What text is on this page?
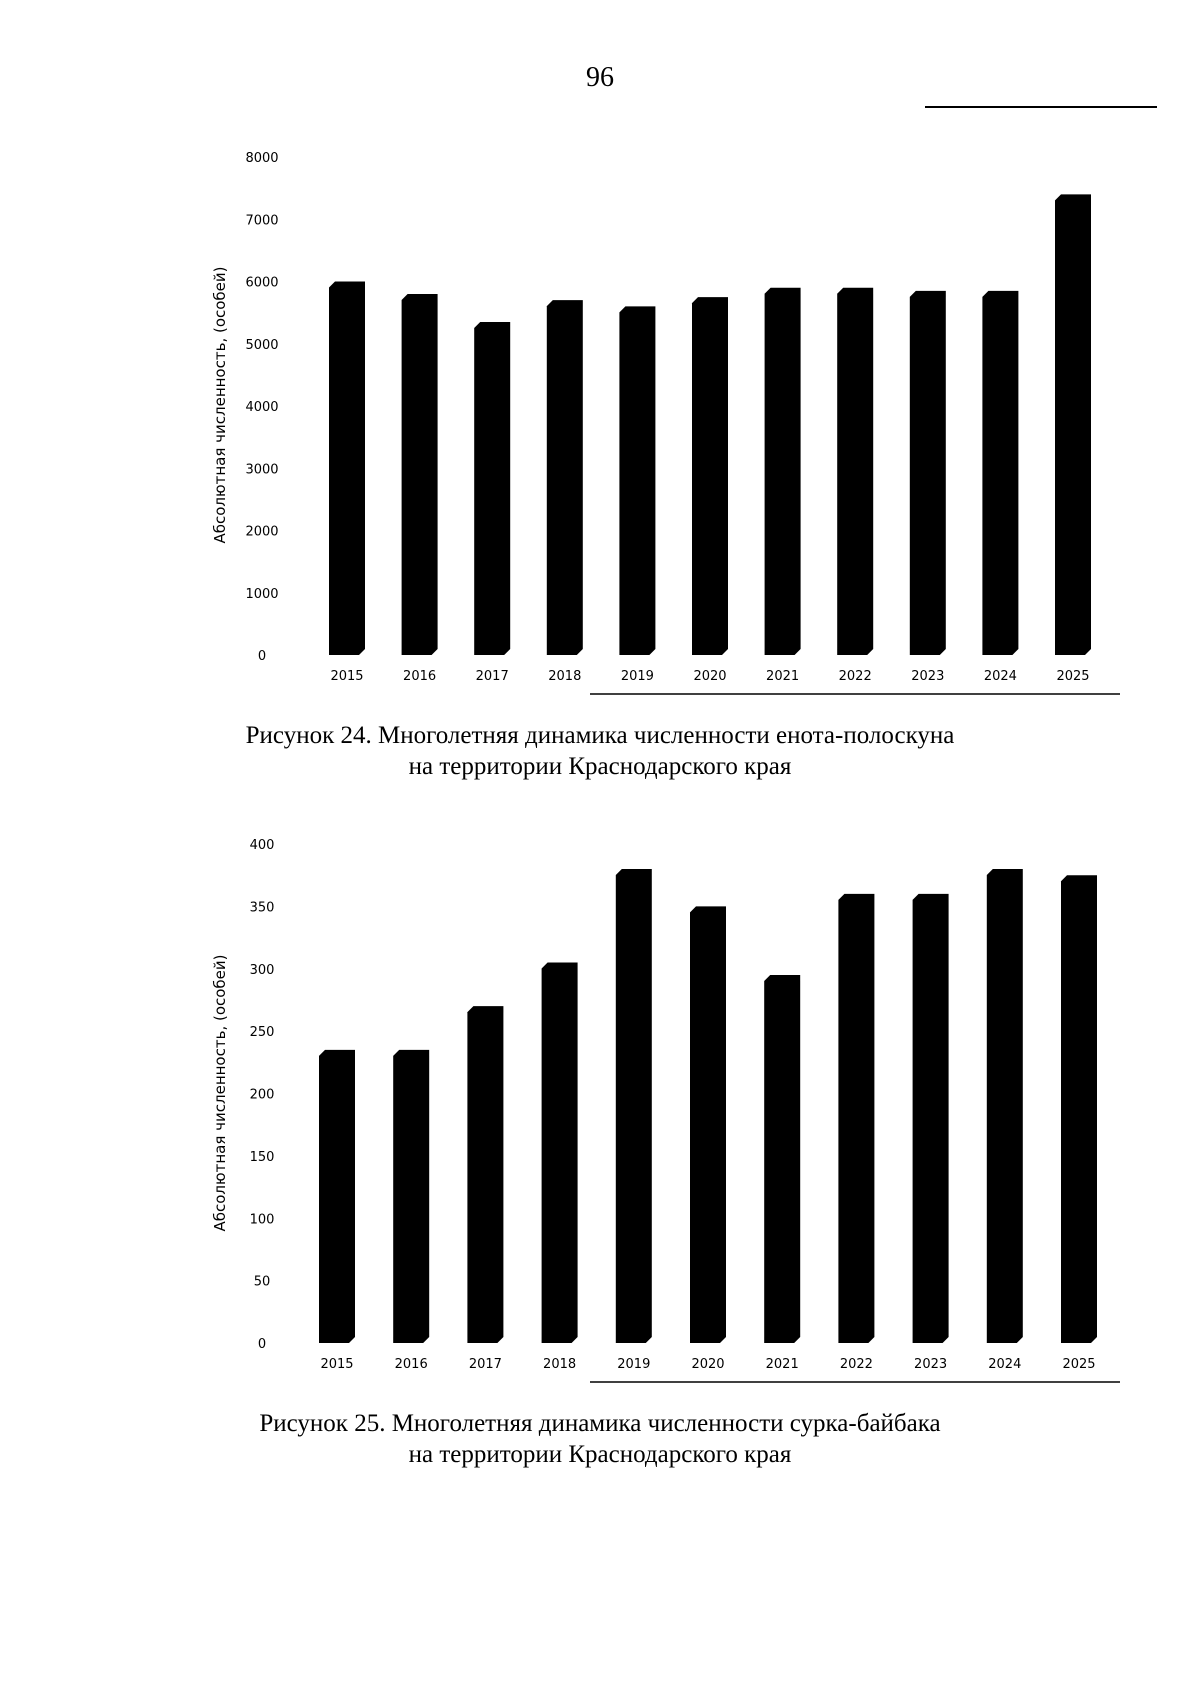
96
0
1000
2000
3000
4000
5000
6000
7000
8000
Абсолютная численность, (особей)
2015	2016	2017	2018	2019	2020	2021	2022	2023	2024	2025
Рисунок 24. Многолетняя динамика численности енота-полоскуна
на территории Краснодарского края
0
50
100
150
200
250
300
350
400
Абсолютная численность, (особей)
2015	2016	2017	2018	2019	2020	2021	2022	2023	2024	2025
Рисунок 25. Многолетняя динамика численности сурка-байбака
на территории Краснодарского края
